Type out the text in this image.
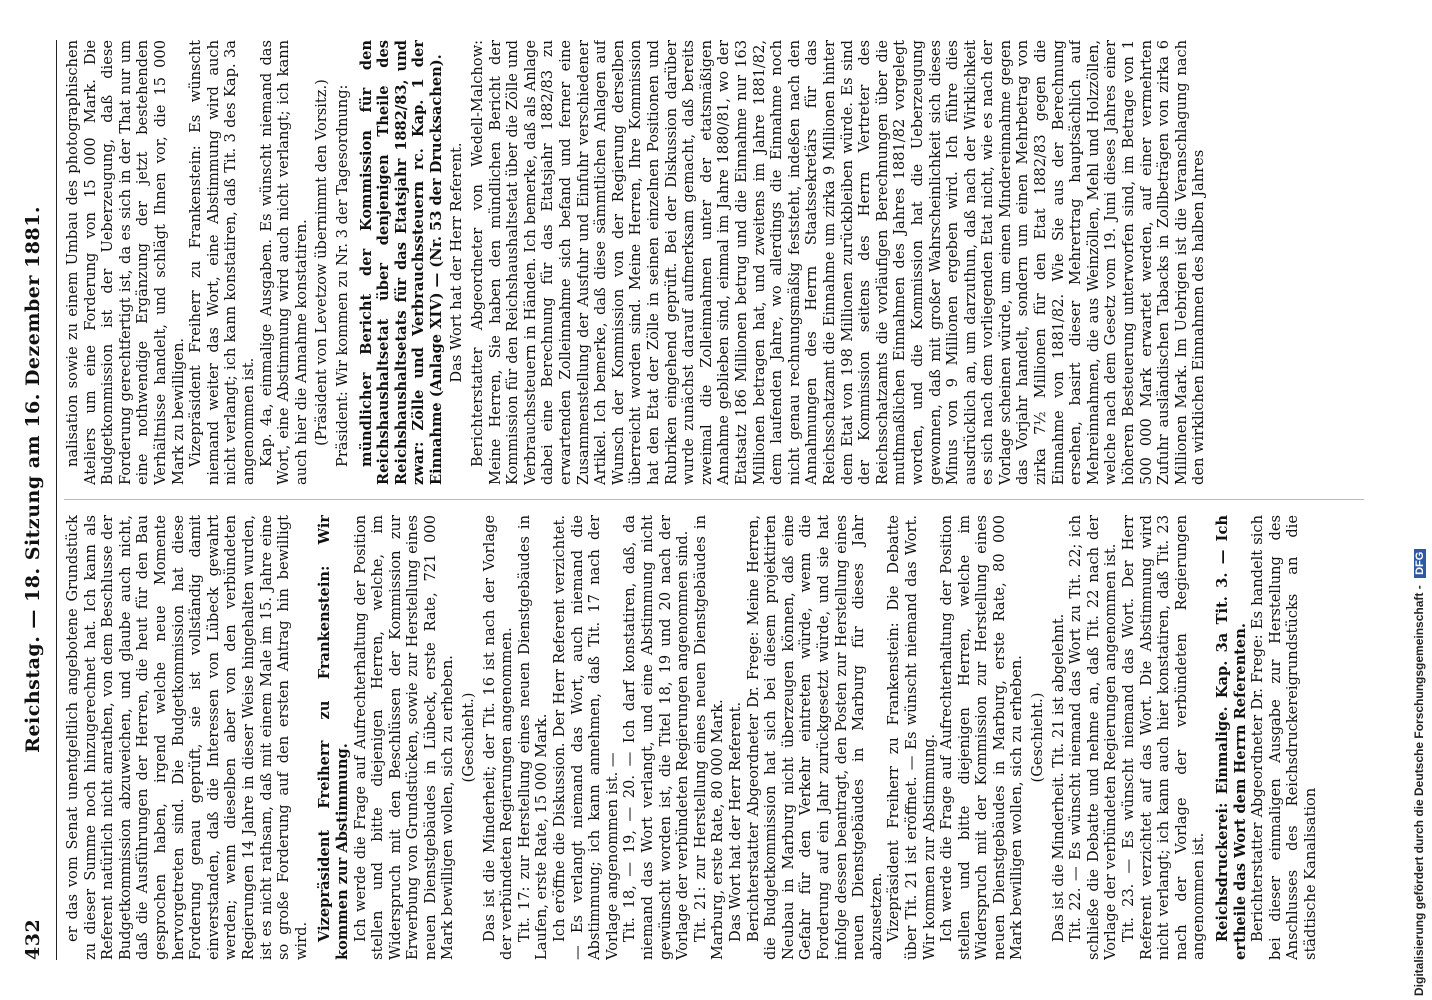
432
Reichstag. — 18. Sitzung am 16. Dezember 1881. er das vom Senat unentgeltlich angebotene Grundstück zu dieser Summe noch hinzugerechnet hat. Ich kann als Referent natürlich nicht anrathen, von dem Beschlusse der Budgetkommission abzuweichen, und glaube auch nicht, daß die Ausführungen der Herren, die heut für den Bau gesprochen haben, irgend welche neue Momente hervorgetreten sind. Die Budgetkommission hat diese Forderung genau geprüft, sie ist vollständig damit einverstanden, daß die Interessen von Lübeck gewahrt werden; wenn dieselben aber von den verbündeten Regierungen 14 Jahre in dieser Weise hingehalten wurden, ist es nicht rathsam, daß mit einem Male im 15. Jahre eine so große Forderung auf den ersten Antrag hin bewilligt wird. Vizepräsident Freiherr zu Frankenstein: Wir kommen zur Abstimmung. Ich werde die Frage auf Aufrechterhaltung der Position stellen und bitte diejenigen Herren, welche, im Widerspruch mit den Beschlüssen der Kommission zur Erwerbung von Grundstücken, sowie zur Herstellung eines neuen Dienstgebäudes in Lübeck, erste Rate, 721 000 Mark bewilligen wollen, sich zu erheben. (Geschieht.) Das ist die Minderheit; der Tit. 16 ist nach der Vorlage der verbündeten Regierungen angenommen. Tit. 17: zur Herstellung eines neuen Dienstgebäudes in Laufen, erste Rate, 15 000 Mark. Ich eröffne die Diskussion. Der Herr Referent verzichtet. — Es verlangt niemand das Wort, auch niemand die Abstimmung; ich kann annehmen, daß Tit. 17 nach der Vorlage angenommen ist. — Tit. 18, — 19, — 20. — Ich darf konstatiren, daß, da niemand das Wort verlangt, und eine Abstimmung nicht gewünscht worden ist, die Titel 18, 19 und 20 nach der Vorlage der verbündeten Regierungen angenommen sind. Tit. 21: zur Herstellung eines neuen Dienstgebäudes in Marburg, erste Rate, 80 000 Mark. Das Wort hat der Herr Referent. Berichterstatter Abgeordneter Dr. Frege: Meine Herren, die Budgetkommission hat sich bei diesem projektirten Neubau in Marburg nicht überzeugen können, daß eine Gefahr für den Verkehr eintreten würde, wenn die Forderung auf ein Jahr zurückgesetzt würde, und sie hat infolge dessen beantragt, den Posten zur Herstellung eines neuen Dienstgebäudes in Marburg für dieses Jahr abzusetzen. Vizepräsident Freiherr zu Frankenstein: Die Debatte über Tit. 21 ist eröffnet. — Es wünscht niemand das Wort. Wir kommen zur Abstimmung. Ich werde die Frage auf Aufrechterhaltung der Position stellen und bitte diejenigen Herren, welche im Widerspruch mit der Kommission zur Herstellung eines neuen Dienstgebäudes in Marburg, erste Rate, 80 000 Mark bewilligen wollen, sich zu erheben. (Geschieht.) Das ist die Minderheit. Tit. 21 ist abgelehnt. Tit. 22. — Es wünscht niemand das Wort zu Tit. 22; ich schließe die Debatte und nehme an, daß Tit. 22 nach der Vorlage der verbündeten Regierungen angenommen ist. Tit. 23. — Es wünscht niemand das Wort. Der Herr Referent verzichtet auf das Wort. Die Abstimmung wird nicht verlangt; ich kann auch hier konstatiren, daß Tit. 23 nach der Vorlage der verbündeten Regierungen angenommen ist. Reichsdruckerei: Einmalige. Kap. 3a Tit. 3. — Ich ertheile das Wort dem Herrn Referenten. Berichterstatter Abgeordneter Dr. Frege: Es handelt sich bei dieser einmaligen Ausgabe zur Herstellung des Anschlusses des Reichsdruckereigrundstücks an die städtische Kanalisation

nalisation sowie zu einem Umbau des photographischen Ateliers um eine Forderung von 15 000 Mark. Die Budgetkommission ist der Ueberzeugung, daß diese Forderung gerechtfertigt ist, da es sich in der That nur um eine nothwendige Ergänzung der jetzt bestehenden Verhältnisse handelt, und schlägt Ihnen vor, die 15 000 Mark zu bewilligen. Vizepräsident Freiherr zu Frankenstein: Es wünscht niemand weiter das Wort, eine Abstimmung wird auch nicht verlangt; ich kann konstatiren, daß Tit. 3 des Kap. 3a angenommen ist. Kap. 4a, einmalige Ausgaben. Es wünscht niemand das Wort, eine Abstimmung wird auch nicht verlangt; ich kann auch hier die Annahme konstatiren. (Präsident von Levetzow übernimmt den Vorsitz.) Präsident: Wir kommen zu Nr. 3 der Tagesordnung: mündlicher Bericht der Kommission für den Reichshaushaltsetat über denjenigen Theile des Reichshaushaltsetats für das Etatsjahr 1882/83, und zwar: Zölle und Verbrauchssteuern rc. Kap. 1 der Einnahme (Anlage XIV) — (Nr. 53 der Drucksachen). Das Wort hat der Herr Referent. Berichterstatter Abgeordneter von Wedell-Malchow: Meine Herren, Sie haben den mündlichen Bericht der Kommission für den Reichshaushaltsetat über die Zölle und Verbrauchssteuern in Händen. Ich bemerke, daß als Anlage dabei eine Berechnung für das Etatsjahr 1882/83 zu erwartenden Zolleinnahme sich befand und ferner eine Zusammenstellung der Ausfuhr und Einfuhr verschiedener Artikel. Ich bemerke, daß diese sämmtlichen Anlagen auf Wunsch der Kommission von der Regierung derselben überreicht worden sind. Meine Herren, Ihre Kommission hat den Etat der Zölle in seinen einzelnen Positionen und Rubriken eingehend geprüft. Bei der Diskussion darüber wurde zunächst darauf aufmerksam gemacht, daß bereits zweimal die Zolleinnahmen unter der etatsmäßigen Annahme geblieben sind, einmal im Jahre 1880/81, wo der Etatsatz 186 Millionen betrug und die Einnahme nur 163 Millionen betragen hat, und zweitens im Jahre 1881/82, dem laufenden Jahre, wo allerdings die Einnahme noch nicht genau rechnungsmäßig feststeht, indeßen nach den Annahmungen des Herrn Staatssekretärs für das Reichsschatzamt die Einnahme um zirka 9 Millionen hinter dem Etat von 198 Millionen zurückbleiben würde. Es sind der Kommission seitens des Herrn Vertreter des Reichsschatzamts die vorläufigen Berechnungen über die muthmaßlichen Einnahmen des Jahres 1881/82 vorgelegt worden, und die Kommission hat die Ueberzeugung gewonnen, daß mit großer Wahrscheinlichkeit sich dieses Minus von 9 Millionen ergeben wird. Ich führe dies ausdrücklich an, um darzuthun, daß nach der Wirklichkeit es sich nach dem vorliegenden Etat nicht, wie es nach der Vorlage scheinen würde, um einen Mindereinnahme gegen das Vorjahr handelt, sondern um einen Mehrbetrag von zirka 7½ Millionen für den Etat 1882/83 gegen die Einnahme von 1881/82. Wie Sie aus der Berechnung ersehen, basirt dieser Mehrertrag hauptsächlich auf Mehreinnahmen, die aus Weinzöllen, Mehl und Holzzöllen, welche nach dem Gesetz vom 19. Juni dieses Jahres einer höheren Besteuerung unterworfen sind, im Betrage von 1 500 000 Mark erwartet werden, auf einer vermehrten Zufuhr ausländischen Tabacks in Zollbeträgen von zirka 6 Millionen Mark. Im Uebrigen ist die Veranschlagung nach den wirklichen Einnahmen des halben Jahres

Digitalisierung gefördert durch die Deutsche Forschungsgemeinschaft - DFG
